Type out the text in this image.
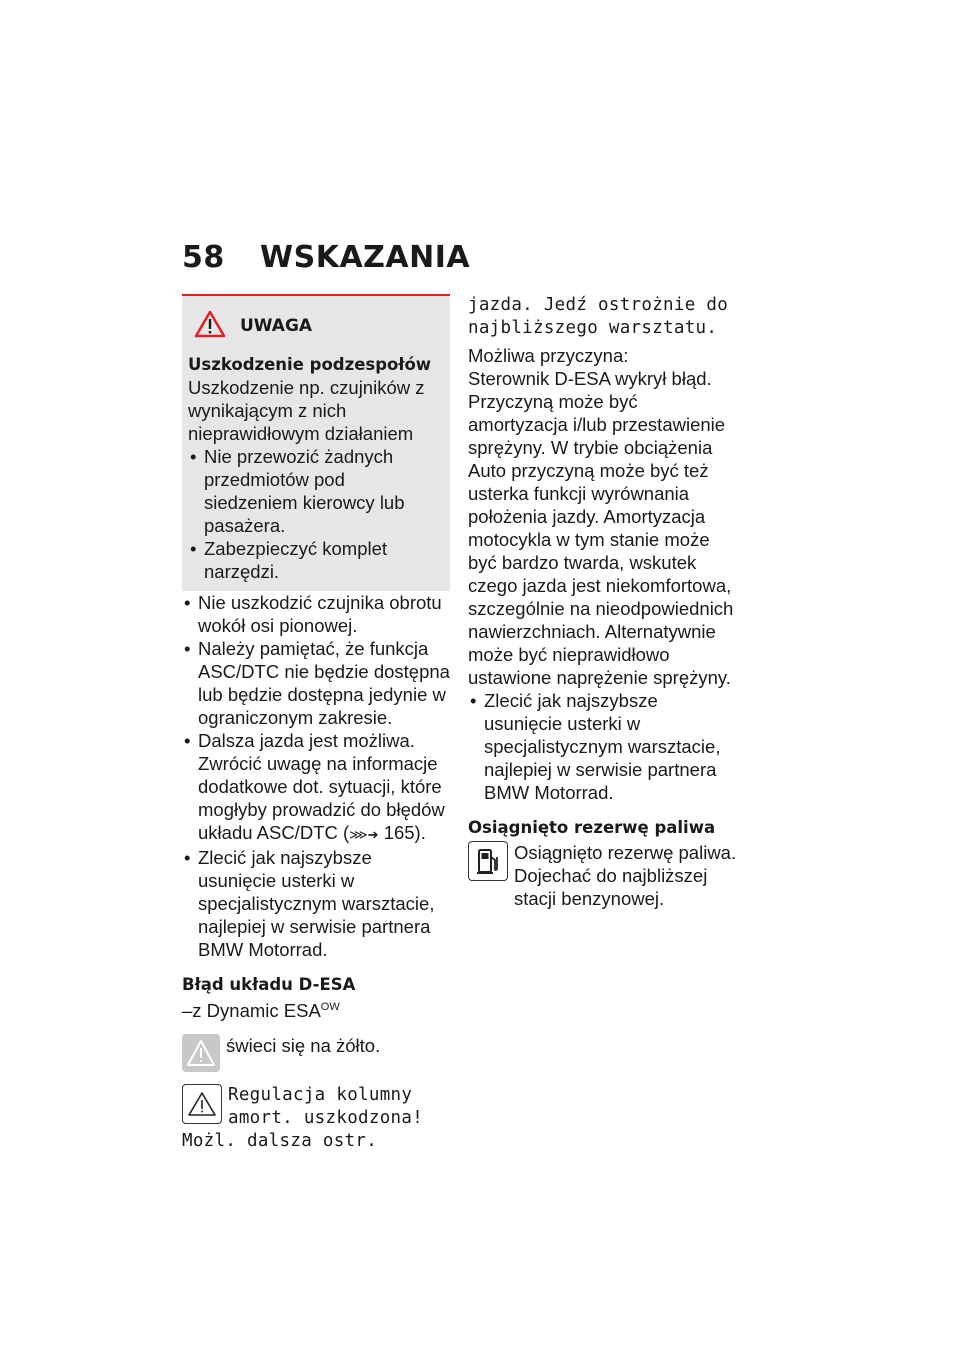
58 WSKAZANIA
UWAGA
Uszkodzenie podzespołów
Uszkodzenie np. czujników z wynikającym z nich nieprawidłowym działaniem
• Nie przewozić żadnych przedmiotów pod siedzeniem kierowcy lub pasażera.
• Zabezpieczyć komplet narzędzi.
• Nie uszkodzić czujnika obrotu wokół osi pionowej.
• Należy pamiętać, że funkcja ASC/DTC nie będzie dostępna lub będzie dostępna jedynie w ograniczonym zakresie.
• Dalsza jazda jest możliwa.
Zwrócić uwagę na informacje dodatkowe dot. sytuacji, które mogłyby prowadzić do błędów układu ASC/DTC (⋙➔ 165).
• Zlecić jak najszybsze usunięcie usterki w specjalistycznym warsztacie, najlepiej w serwisie partnera BMW Motorrad.
Błąd układu D-ESA
–z Dynamic $ESA^{OW}$
świeci się na żółto.
Regulacja kolumny
amort. uszkodzona!
Możl. dalsza ostr.
jazda. Jedź ostrożnie do
najbliższego warsztatu.
Możliwa przyczyna:
Sterownik D-ESA wykrył błąd. Przyczyną może być amortyzacja i/lub przestawienie sprężyny. W trybie obciążenia Auto przyczyną może być też usterka funkcji wyrównania położenia jazdy. Amortyzacja motocykla w tym stanie może być bardzo twarda, wskutek czego jazda jest niekomfortowa, szczególnie na nieodpowiednich nawierzchniach. Alternatywnie może być nieprawidłowo ustawione naprężenie sprężyny.
• Zlecić jak najszybsze usunięcie usterki w specjalistycznym warsztacie, najlepiej w serwisie partnera BMW Motorrad.
Osiągnięto rezerwę paliwa
Osiągnięto rezerwę paliwa. Dojechać do najbliższej stacji benzynowej.
